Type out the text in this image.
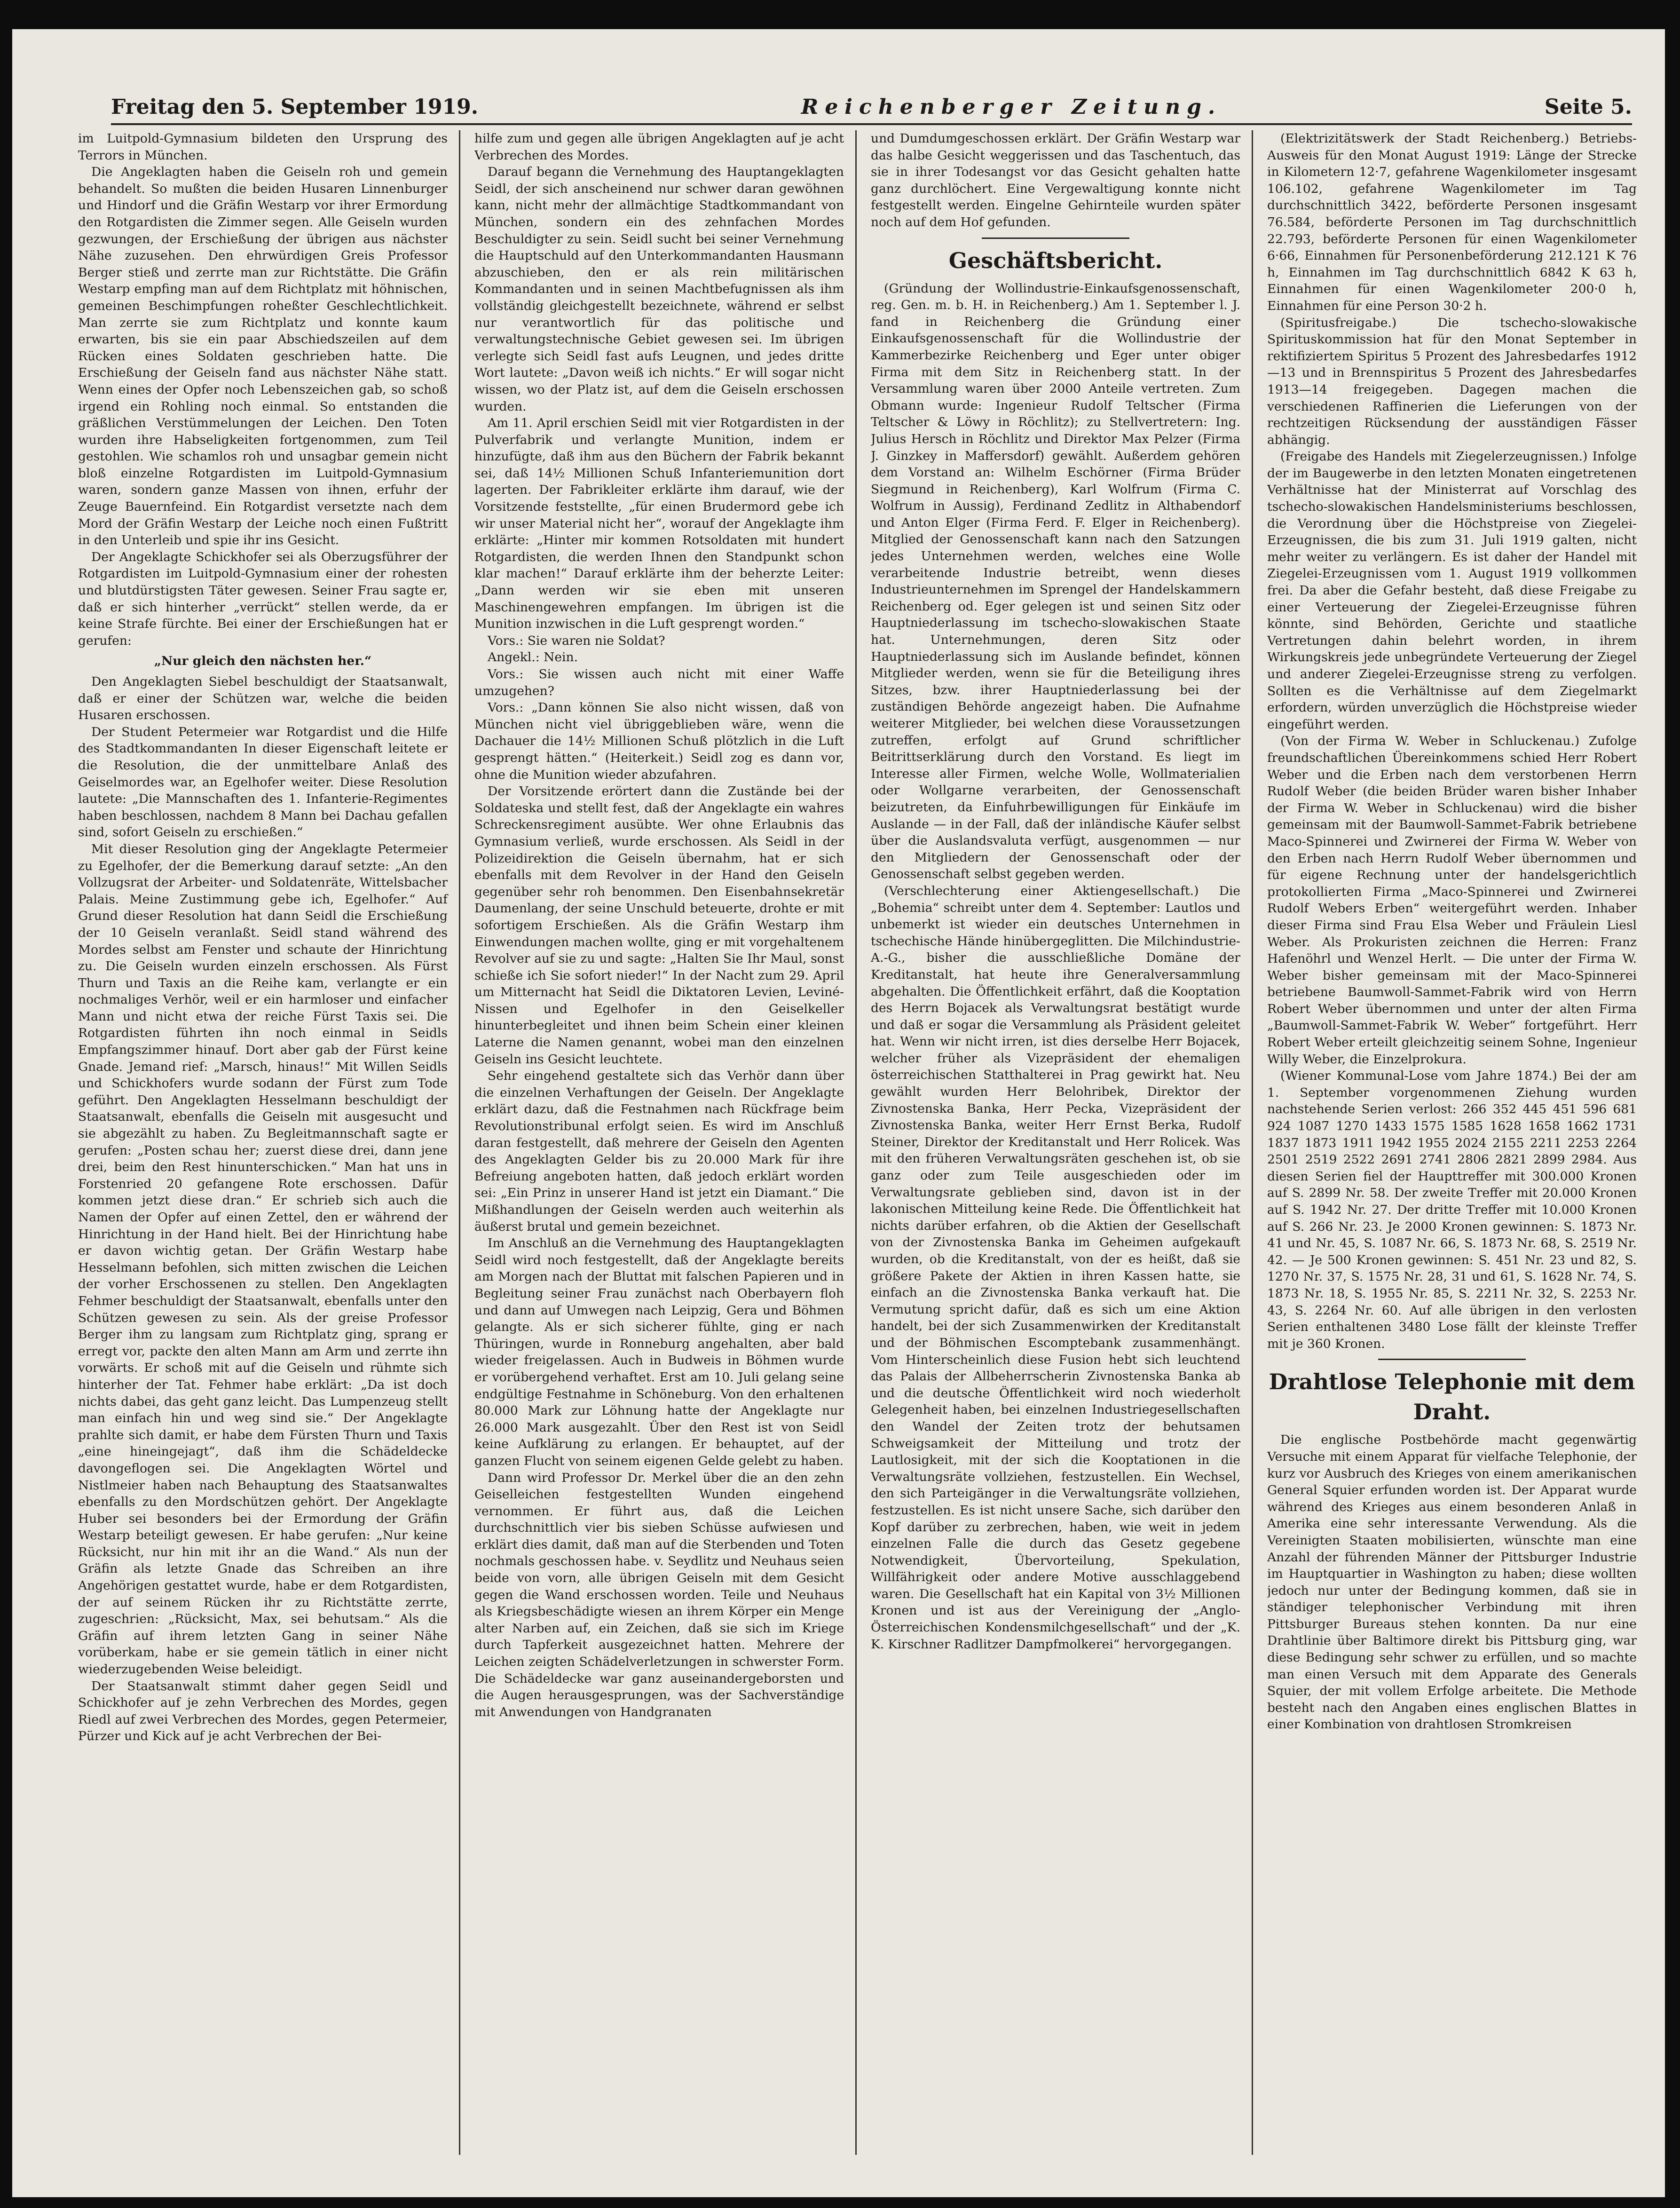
Freitag den 5. September 1919.	Reichenberger Zeitung.	Seite 5.

im Luitpold-Gymnasium bildeten den Ursprung des Terrors in München.

Die Angeklagten haben die Geiseln roh und gemein behandelt. So mußten die beiden Husaren Linnenburger und Hindorf und die Gräfin Westarp vor ihrer Ermordung den Rotgardisten die Zimmer segen. Alle Geiseln wurden gezwungen, der Erschießung der übrigen aus nächster Nähe zuzusehen. Den ehrwürdigen Greis Professor Berger stieß und zerrte man zur Richtstätte. Die Gräfin Westarp empfing man auf dem Richtplatz mit höhnischen, gemeinen Beschimpfungen roheßter Geschlechtlichkeit. Man zerrte sie zum Richtplatz und konnte kaum erwarten, bis sie ein paar Abschiedszeilen auf dem Rücken eines Soldaten geschrieben hatte. Die Erschießung der Geiseln fand aus nächster Nähe statt. Wenn eines der Opfer noch Lebenszeichen gab, so schoß irgend ein Rohling noch einmal. So entstanden die gräßlichen Verstümmelungen der Leichen. Den Toten wurden ihre Habseligkeiten fortgenommen, zum Teil gestohlen. Wie schamlos roh und unsagbar gemein nicht bloß einzelne Rotgardisten im Luitpold-Gymnasium waren, sondern ganze Massen von ihnen, erfuhr der Zeuge Bauernfeind. Ein Rotgardist versetzte nach dem Mord der Gräfin Westarp der Leiche noch einen Fußtritt in den Unterleib und spie ihr ins Gesicht.

Der Angeklagte Schickhofer sei als Oberzugsführer der Rotgardisten im Luitpold-Gymnasium einer der rohesten und blutdürstigsten Täter gewesen. Seiner Frau sagte er, daß er sich hinterher „verrückt“ stellen werde, da er keine Strafe fürchte. Bei einer der Erschießungen hat er gerufen:

„Nur gleich den nächsten her.“

Den Angeklagten Siebel beschuldigt der Staatsanwalt, daß er einer der Schützen war, welche die beiden Husaren erschossen.

Der Student Petermeier war Rotgardist und die Hilfe des Stadtkommandanten In dieser Eigenschaft leitete er die Resolution, die der unmittelbare Anlaß des Geiselmordes war, an Egelhofer weiter. Diese Resolution lautete: „Die Mannschaften des 1. Infanterie-Regimentes haben beschlossen, nachdem 8 Mann bei Dachau gefallen sind, sofort Geiseln zu erschießen.“

Mit dieser Resolution ging der Angeklagte Petermeier zu Egelhofer, der die Bemerkung darauf setzte: „An den Vollzugsrat der Arbeiter- und Soldatenräte, Wittelsbacher Palais. Meine Zustimmung gebe ich, Egelhofer.“ Auf Grund dieser Resolution hat dann Seidl die Erschießung der 10 Geiseln veranlaßt. Seidl stand während des Mordes selbst am Fenster und schaute der Hinrichtung zu. Die Geiseln wurden einzeln erschossen. Als Fürst Thurn und Taxis an die Reihe kam, verlangte er ein nochmaliges Verhör, weil er ein harmloser und einfacher Mann und nicht etwa der reiche Fürst Taxis sei. Die Rotgardisten führten ihn noch einmal in Seidls Empfangszimmer hinauf. Dort aber gab der Fürst keine Gnade. Jemand rief: „Marsch, hinaus!“ Mit Willen Seidls und Schickhofers wurde sodann der Fürst zum Tode geführt. Den Angeklagten Hesselmann beschuldigt der Staatsanwalt, ebenfalls die Geiseln mit ausgesucht und sie abgezählt zu haben. Zu Begleitmannschaft sagte er gerufen: „Posten schau her; zuerst diese drei, dann jene drei, beim den Rest hinunterschicken.“ Man hat uns in Forstenried 20 gefangene Rote erschossen. Dafür kommen jetzt diese dran.“ Er schrieb sich auch die Namen der Opfer auf einen Zettel, den er während der Hinrichtung in der Hand hielt. Bei der Hinrichtung habe er davon wichtig getan. Der Gräfin Westarp habe Hesselmann befohlen, sich mitten zwischen die Leichen der vorher Erschossenen zu stellen. Den Angeklagten Fehmer beschuldigt der Staatsanwalt, ebenfalls unter den Schützen gewesen zu sein. Als der greise Professor Berger ihm zu langsam zum Richtplatz ging, sprang er erregt vor, packte den alten Mann am Arm und zerrte ihn vorwärts. Er schoß mit auf die Geiseln und rühmte sich hinterher der Tat. Fehmer habe erklärt: „Da ist doch nichts dabei, das geht ganz leicht. Das Lumpenzeug stellt man einfach hin und weg sind sie.“ Der Angeklagte prahlte sich damit, er habe dem Fürsten Thurn und Taxis „eine hineingejagt“, daß ihm die Schädeldecke davongeflogen sei. Die Angeklagten Wörtel und Nistlmeier haben nach Behauptung des Staatsanwaltes ebenfalls zu den Mordschützen gehört. Der Angeklagte Huber sei besonders bei der Ermordung der Gräfin Westarp beteiligt gewesen. Er habe gerufen: „Nur keine Rücksicht, nur hin mit ihr an die Wand.“ Als nun der Gräfin als letzte Gnade das Schreiben an ihre Angehörigen gestattet wurde, habe er dem Rotgardisten, der auf seinem Rücken ihr zu Richtstätte zerrte, zugeschrien: „Rücksicht, Max, sei behutsam.“ Als die Gräfin auf ihrem letzten Gang in seiner Nähe vorüberkam, habe er sie gemein tätlich in einer nicht wiederzugebenden Weise beleidigt.

Der Staatsanwalt stimmt daher gegen Seidl und Schickhofer auf je zehn Verbrechen des Mordes, gegen Riedl auf zwei Verbrechen des Mordes, gegen Petermeier, Pürzer und Kick auf je acht Verbrechen der Bei-

hilfe zum und gegen alle übrigen Angeklagten auf je acht Verbrechen des Mordes.

Darauf begann die Vernehmung des Hauptangeklagten Seidl, der sich anscheinend nur schwer daran gewöhnen kann, nicht mehr der allmächtige Stadtkommandant von München, sondern ein des zehnfachen Mordes Beschuldigter zu sein. Seidl sucht bei seiner Vernehmung die Hauptschuld auf den Unterkommandanten Hausmann abzuschieben, den er als rein militärischen Kommandanten und in seinen Machtbefugnissen als ihm vollständig gleichgestellt bezeichnete, während er selbst nur verantwortlich für das politische und verwaltungstechnische Gebiet gewesen sei. Im übrigen verlegte sich Seidl fast aufs Leugnen, und jedes dritte Wort lautete: „Davon weiß ich nichts.“ Er will sogar nicht wissen, wo der Platz ist, auf dem die Geiseln erschossen wurden.

Am 11. April erschien Seidl mit vier Rotgardisten in der Pulverfabrik und verlangte Munition, indem er hinzufügte, daß ihm aus den Büchern der Fabrik bekannt sei, daß 14½ Millionen Schuß Infanteriemunition dort lagerten. Der Fabrikleiter erklärte ihm darauf, wie der Vorsitzende feststellte, „für einen Brudermord gebe ich wir unser Material nicht her“, worauf der Angeklagte ihm erklärte: „Hinter mir kommen Rotsoldaten mit hundert Rotgardisten, die werden Ihnen den Standpunkt schon klar machen!“ Darauf erklärte ihm der beherzte Leiter: „Dann werden wir sie eben mit unseren Maschinengewehren empfangen. Im übrigen ist die Munition inzwischen in die Luft gesprengt worden.“

Vors.: Sie waren nie Soldat?

Angekl.: Nein.

Vors.: Sie wissen auch nicht mit einer Waffe umzugehen?

Vors.: „Dann können Sie also nicht wissen, daß von München nicht viel übriggeblieben wäre, wenn die Dachauer die 14½ Millionen Schuß plötzlich in die Luft gesprengt hätten.“ (Heiterkeit.) Seidl zog es dann vor, ohne die Munition wieder abzufahren.

Der Vorsitzende erörtert dann die Zustände bei der Soldateska und stellt fest, daß der Angeklagte ein wahres Schreckensregiment ausübte. Wer ohne Erlaubnis das Gymnasium verließ, wurde erschossen. Als Seidl in der Polizeidirektion die Geiseln übernahm, hat er sich ebenfalls mit dem Revolver in der Hand den Geiseln gegenüber sehr roh benommen. Den Eisenbahnsekretär Daumenlang, der seine Unschuld beteuerte, drohte er mit sofortigem Erschießen. Als die Gräfin Westarp ihm Einwendungen machen wollte, ging er mit vorgehaltenem Revolver auf sie zu und sagte: „Halten Sie Ihr Maul, sonst schieße ich Sie sofort nieder!“ In der Nacht zum 29. April um Mitternacht hat Seidl die Diktatoren Levien, Leviné-Nissen und Egelhofer in den Geiselkeller hinunterbegleitet und ihnen beim Schein einer kleinen Laterne die Namen genannt, wobei man den einzelnen Geiseln ins Gesicht leuchtete.

Sehr eingehend gestaltete sich das Verhör dann über die einzelnen Verhaftungen der Geiseln. Der Angeklagte erklärt dazu, daß die Festnahmen nach Rückfrage beim Revolutionstribunal erfolgt seien. Es wird im Anschluß daran festgestellt, daß mehrere der Geiseln den Agenten des Angeklagten Gelder bis zu 20.000 Mark für ihre Befreiung angeboten hatten, daß jedoch erklärt worden sei: „Ein Prinz in unserer Hand ist jetzt ein Diamant.“ Die Mißhandlungen der Geiseln werden auch weiterhin als äußerst brutal und gemein bezeichnet.

Im Anschluß an die Vernehmung des Hauptangeklagten Seidl wird noch festgestellt, daß der Angeklagte bereits am Morgen nach der Bluttat mit falschen Papieren und in Begleitung seiner Frau zunächst nach Oberbayern floh und dann auf Umwegen nach Leipzig, Gera und Böhmen gelangte. Als er sich sicherer fühlte, ging er nach Thüringen, wurde in Ronneburg angehalten, aber bald wieder freigelassen. Auch in Budweis in Böhmen wurde er vorübergehend verhaftet. Erst am 10. Juli gelang seine endgültige Festnahme in Schöneburg. Von den erhaltenen 80.000 Mark zur Löhnung hatte der Angeklagte nur 26.000 Mark ausgezahlt. Über den Rest ist von Seidl keine Aufklärung zu erlangen. Er behauptet, auf der ganzen Flucht von seinem eigenen Gelde gelebt zu haben.

Dann wird Professor Dr. Merkel über die an den zehn Geiselleichen festgestellten Wunden eingehend vernommen. Er führt aus, daß die Leichen durchschnittlich vier bis sieben Schüsse aufwiesen und erklärt dies damit, daß man auf die Sterbenden und Toten nochmals geschossen habe. v. Seydlitz und Neuhaus seien beide von vorn, alle übrigen Geiseln mit dem Gesicht gegen die Wand erschossen worden. Teile und Neuhaus als Kriegsbeschädigte wiesen an ihrem Körper ein Menge alter Narben auf, ein Zeichen, daß sie sich im Kriege durch Tapferkeit ausgezeichnet hatten. Mehrere der Leichen zeigten Schädelverletzungen in schwerster Form. Die Schädeldecke war ganz auseinandergeborsten und die Augen herausgesprungen, was der Sachverständige mit Anwendungen von Handgranaten

und Dumdumgeschossen erklärt. Der Gräfin Westarp war das halbe Gesicht weggerissen und das Taschentuch, das sie in ihrer Todesangst vor das Gesicht gehalten hatte ganz durchlöchert. Eine Vergewaltigung konnte nicht festgestellt werden. Eingelne Gehirnteile wurden später noch auf dem Hof gefunden.

Geschäftsbericht.

(Gründung der Wollindustrie-Einkaufsgenossenschaft, reg. Gen. m. b. H. in Reichenberg.) Am 1. September l. J. fand in Reichenberg die Gründung einer Einkaufsgenossenschaft für die Wollindustrie der Kammerbezirke Reichenberg und Eger unter obiger Firma mit dem Sitz in Reichenberg statt. In der Versammlung waren über 2000 Anteile vertreten. Zum Obmann wurde: Ingenieur Rudolf Teltscher (Firma Teltscher & Löwy in Röchlitz); zu Stellvertretern: Ing. Julius Hersch in Röchlitz und Direktor Max Pelzer (Firma J. Ginzkey in Maffersdorf) gewählt. Außerdem gehören dem Vorstand an: Wilhelm Eschörner (Firma Brüder Siegmund in Reichenberg), Karl Wolfrum (Firma C. Wolfrum in Aussig), Ferdinand Zedlitz in Althabendorf und Anton Elger (Firma Ferd. F. Elger in Reichenberg). Mitglied der Genossenschaft kann nach den Satzungen jedes Unternehmen werden, welches eine Wolle verarbeitende Industrie betreibt, wenn dieses Industrieunternehmen im Sprengel der Handelskammern Reichenberg od. Eger gelegen ist und seinen Sitz oder Hauptniederlassung im tschecho-slowakischen Staate hat. Unternehmungen, deren Sitz oder Hauptniederlassung sich im Auslande befindet, können Mitglieder werden, wenn sie für die Beteiligung ihres Sitzes, bzw. ihrer Hauptniederlassung bei der zuständigen Behörde angezeigt haben. Die Aufnahme weiterer Mitglieder, bei welchen diese Voraussetzungen zutreffen, erfolgt auf Grund schriftlicher Beitrittserklärung durch den Vorstand. Es liegt im Interesse aller Firmen, welche Wolle, Wollmaterialien oder Wollgarne verarbeiten, der Genossenschaft beizutreten, da Einfuhrbewilligungen für Einkäufe im Auslande — in der Fall, daß der inländische Käufer selbst über die Auslandsvaluta verfügt, ausgenommen — nur den Mitgliedern der Genossenschaft oder der Genossenschaft selbst gegeben werden.

(Verschlechterung einer Aktiengesellschaft.) Die „Bohemia“ schreibt unter dem 4. September: Lautlos und unbemerkt ist wieder ein deutsches Unternehmen in tschechische Hände hinübergeglitten. Die Milchindustrie-A.-G., bisher die ausschließliche Domäne der Kreditanstalt, hat heute ihre Generalversammlung abgehalten. Die Öffentlichkeit erfährt, daß die Kooptation des Herrn Bojacek als Verwaltungsrat bestätigt wurde und daß er sogar die Versammlung als Präsident geleitet hat. Wenn wir nicht irren, ist dies derselbe Herr Bojacek, welcher früher als Vizepräsident der ehemaligen österreichischen Statthalterei in Prag gewirkt hat. Neu gewählt wurden Herr Belohribek, Direktor der Zivnostenska Banka, Herr Pecka, Vizepräsident der Zivnostenska Banka, weiter Herr Ernst Berka, Rudolf Steiner, Direktor der Kreditanstalt und Herr Rolicek. Was mit den früheren Verwaltungsräten geschehen ist, ob sie ganz oder zum Teile ausgeschieden oder im Verwaltungsrate geblieben sind, davon ist in der lakonischen Mitteilung keine Rede. Die Öffentlichkeit hat nichts darüber erfahren, ob die Aktien der Gesellschaft von der Zivnostenska Banka im Geheimen aufgekauft wurden, ob die Kreditanstalt, von der es heißt, daß sie größere Pakete der Aktien in ihren Kassen hatte, sie einfach an die Zivnostenska Banka verkauft hat. Die Vermutung spricht dafür, daß es sich um eine Aktion handelt, bei der sich Zusammenwirken der Kreditanstalt und der Böhmischen Escomptebank zusammenhängt. Vom Hinterscheinlich diese Fusion hebt sich leuchtend das Palais der Allbeherrscherin Zivnostenska Banka ab und die deutsche Öffentlichkeit wird noch wiederholt Gelegenheit haben, bei einzelnen Industriegesellschaften den Wandel der Zeiten trotz der behutsamen Schweigsamkeit der Mitteilung und trotz der Lautlosigkeit, mit der sich die Kooptationen in die Verwaltungsräte vollziehen, festzustellen. Ein Wechsel, den sich Parteigänger in die Verwaltungsräte vollziehen, festzustellen. Es ist nicht unsere Sache, sich darüber den Kopf darüber zu zerbrechen, haben, wie weit in jedem einzelnen Falle die durch das Gesetz gegebene Notwendigkeit, Übervorteilung, Spekulation, Willfährigkeit oder andere Motive ausschlaggebend waren. Die Gesellschaft hat ein Kapital von 3½ Millionen Kronen und ist aus der Vereinigung der „Anglo-Österreichischen Kondensmilchgesellschaft“ und der „K. K. Kirschner Radlitzer Dampfmolkerei“ hervorgegangen.

(Elektrizitätswerk der Stadt Reichenberg.) Betriebs-Ausweis für den Monat August 1919: Länge der Strecke in Kilometern 12·7, gefahrene Wagenkilometer insgesamt 106.102, gefahrene Wagenkilometer im Tag durchschnittlich 3422, beförderte Personen insgesamt 76.584, beförderte Personen im Tag durchschnittlich 22.793, beförderte Personen für einen Wagenkilometer 6·66, Einnahmen für Personenbeförderung 212.121 K 76 h, Einnahmen im Tag durchschnittlich 6842 K 63 h, Einnahmen für einen Wagenkilometer 200·0 h, Einnahmen für eine Person 30·2 h.

(Spiritusfreigabe.) Die tschecho-slowakische Spirituskommission hat für den Monat September in rektifiziertem Spiritus 5 Prozent des Jahresbedarfes 1912—13 und in Brennspiritus 5 Prozent des Jahresbedarfes 1913—14 freigegeben. Dagegen machen die verschiedenen Raffinerien die Lieferungen von der rechtzeitigen Rücksendung der ausständigen Fässer abhängig.

(Freigabe des Handels mit Ziegelerzeugnissen.) Infolge der im Baugewerbe in den letzten Monaten eingetretenen Verhältnisse hat der Ministerrat auf Vorschlag des tschecho-slowakischen Handelsministeriums beschlossen, die Verordnung über die Höchstpreise von Ziegelei-Erzeugnissen, die bis zum 31. Juli 1919 galten, nicht mehr weiter zu verlängern. Es ist daher der Handel mit Ziegelei-Erzeugnissen vom 1. August 1919 vollkommen frei. Da aber die Gefahr besteht, daß diese Freigabe zu einer Verteuerung der Ziegelei-Erzeugnisse führen könnte, sind Behörden, Gerichte und staatliche Vertretungen dahin belehrt worden, in ihrem Wirkungskreis jede unbegründete Verteuerung der Ziegel und anderer Ziegelei-Erzeugnisse streng zu verfolgen. Sollten es die Verhältnisse auf dem Ziegelmarkt erfordern, würden unverzüglich die Höchstpreise wieder eingeführt werden.

(Von der Firma W. Weber in Schluckenau.) Zufolge freundschaftlichen Übereinkommens schied Herr Robert Weber und die Erben nach dem verstorbenen Herrn Rudolf Weber (die beiden Brüder waren bisher Inhaber der Firma W. Weber in Schluckenau) wird die bisher gemeinsam mit der Baumwoll-Sammet-Fabrik betriebene Maco-Spinnerei und Zwirnerei der Firma W. Weber von den Erben nach Herrn Rudolf Weber übernommen und für eigene Rechnung unter der handelsgerichtlich protokollierten Firma „Maco-Spinnerei und Zwirnerei Rudolf Webers Erben“ weitergeführt werden. Inhaber dieser Firma sind Frau Elsa Weber und Fräulein Liesl Weber. Als Prokuristen zeichnen die Herren: Franz Hafenöhrl und Wenzel Herlt. — Die unter der Firma W. Weber bisher gemeinsam mit der Maco-Spinnerei betriebene Baumwoll-Sammet-Fabrik wird von Herrn Robert Weber übernommen und unter der alten Firma „Baumwoll-Sammet-Fabrik W. Weber“ fortgeführt. Herr Robert Weber erteilt gleichzeitig seinem Sohne, Ingenieur Willy Weber, die Einzelprokura.

(Wiener Kommunal-Lose vom Jahre 1874.) Bei der am 1. September vorgenommenen Ziehung wurden nachstehende Serien verlost: 266 352 445 451 596 681 924 1087 1270 1433 1575 1585 1628 1658 1662 1731 1837 1873 1911 1942 1955 2024 2155 2211 2253 2264 2501 2519 2522 2691 2741 2806 2821 2899 2984. Aus diesen Serien fiel der Haupttreffer mit 300.000 Kronen auf S. 2899 Nr. 58. Der zweite Treffer mit 20.000 Kronen auf S. 1942 Nr. 27. Der dritte Treffer mit 10.000 Kronen auf S. 266 Nr. 23. Je 2000 Kronen gewinnen: S. 1873 Nr. 41 und Nr. 45, S. 1087 Nr. 66, S. 1873 Nr. 68, S. 2519 Nr. 42. — Je 500 Kronen gewinnen: S. 451 Nr. 23 und 82, S. 1270 Nr. 37, S. 1575 Nr. 28, 31 und 61, S. 1628 Nr. 74, S. 1873 Nr. 18, S. 1955 Nr. 85, S. 2211 Nr. 32, S. 2253 Nr. 43, S. 2264 Nr. 60. Auf alle übrigen in den verlosten Serien enthaltenen 3480 Lose fällt der kleinste Treffer mit je 360 Kronen.

Drahtlose Telephonie mit dem Draht.

Die englische Postbehörde macht gegenwärtig Versuche mit einem Apparat für vielfache Telephonie, der kurz vor Ausbruch des Krieges von einem amerikanischen General Squier erfunden worden ist. Der Apparat wurde während des Krieges aus einem besonderen Anlaß in Amerika eine sehr interessante Verwendung. Als die Vereinigten Staaten mobilisierten, wünschte man eine Anzahl der führenden Männer der Pittsburger Industrie im Hauptquartier in Washington zu haben; diese wollten jedoch nur unter der Bedingung kommen, daß sie in ständiger telephonischer Verbindung mit ihren Pittsburger Bureaus stehen konnten. Da nur eine Drahtlinie über Baltimore direkt bis Pittsburg ging, war diese Bedingung sehr schwer zu erfüllen, und so machte man einen Versuch mit dem Apparate des Generals Squier, der mit vollem Erfolge arbeitete. Die Methode besteht nach den Angaben eines englischen Blattes in einer Kombination von drahtlosen Stromkreisen
